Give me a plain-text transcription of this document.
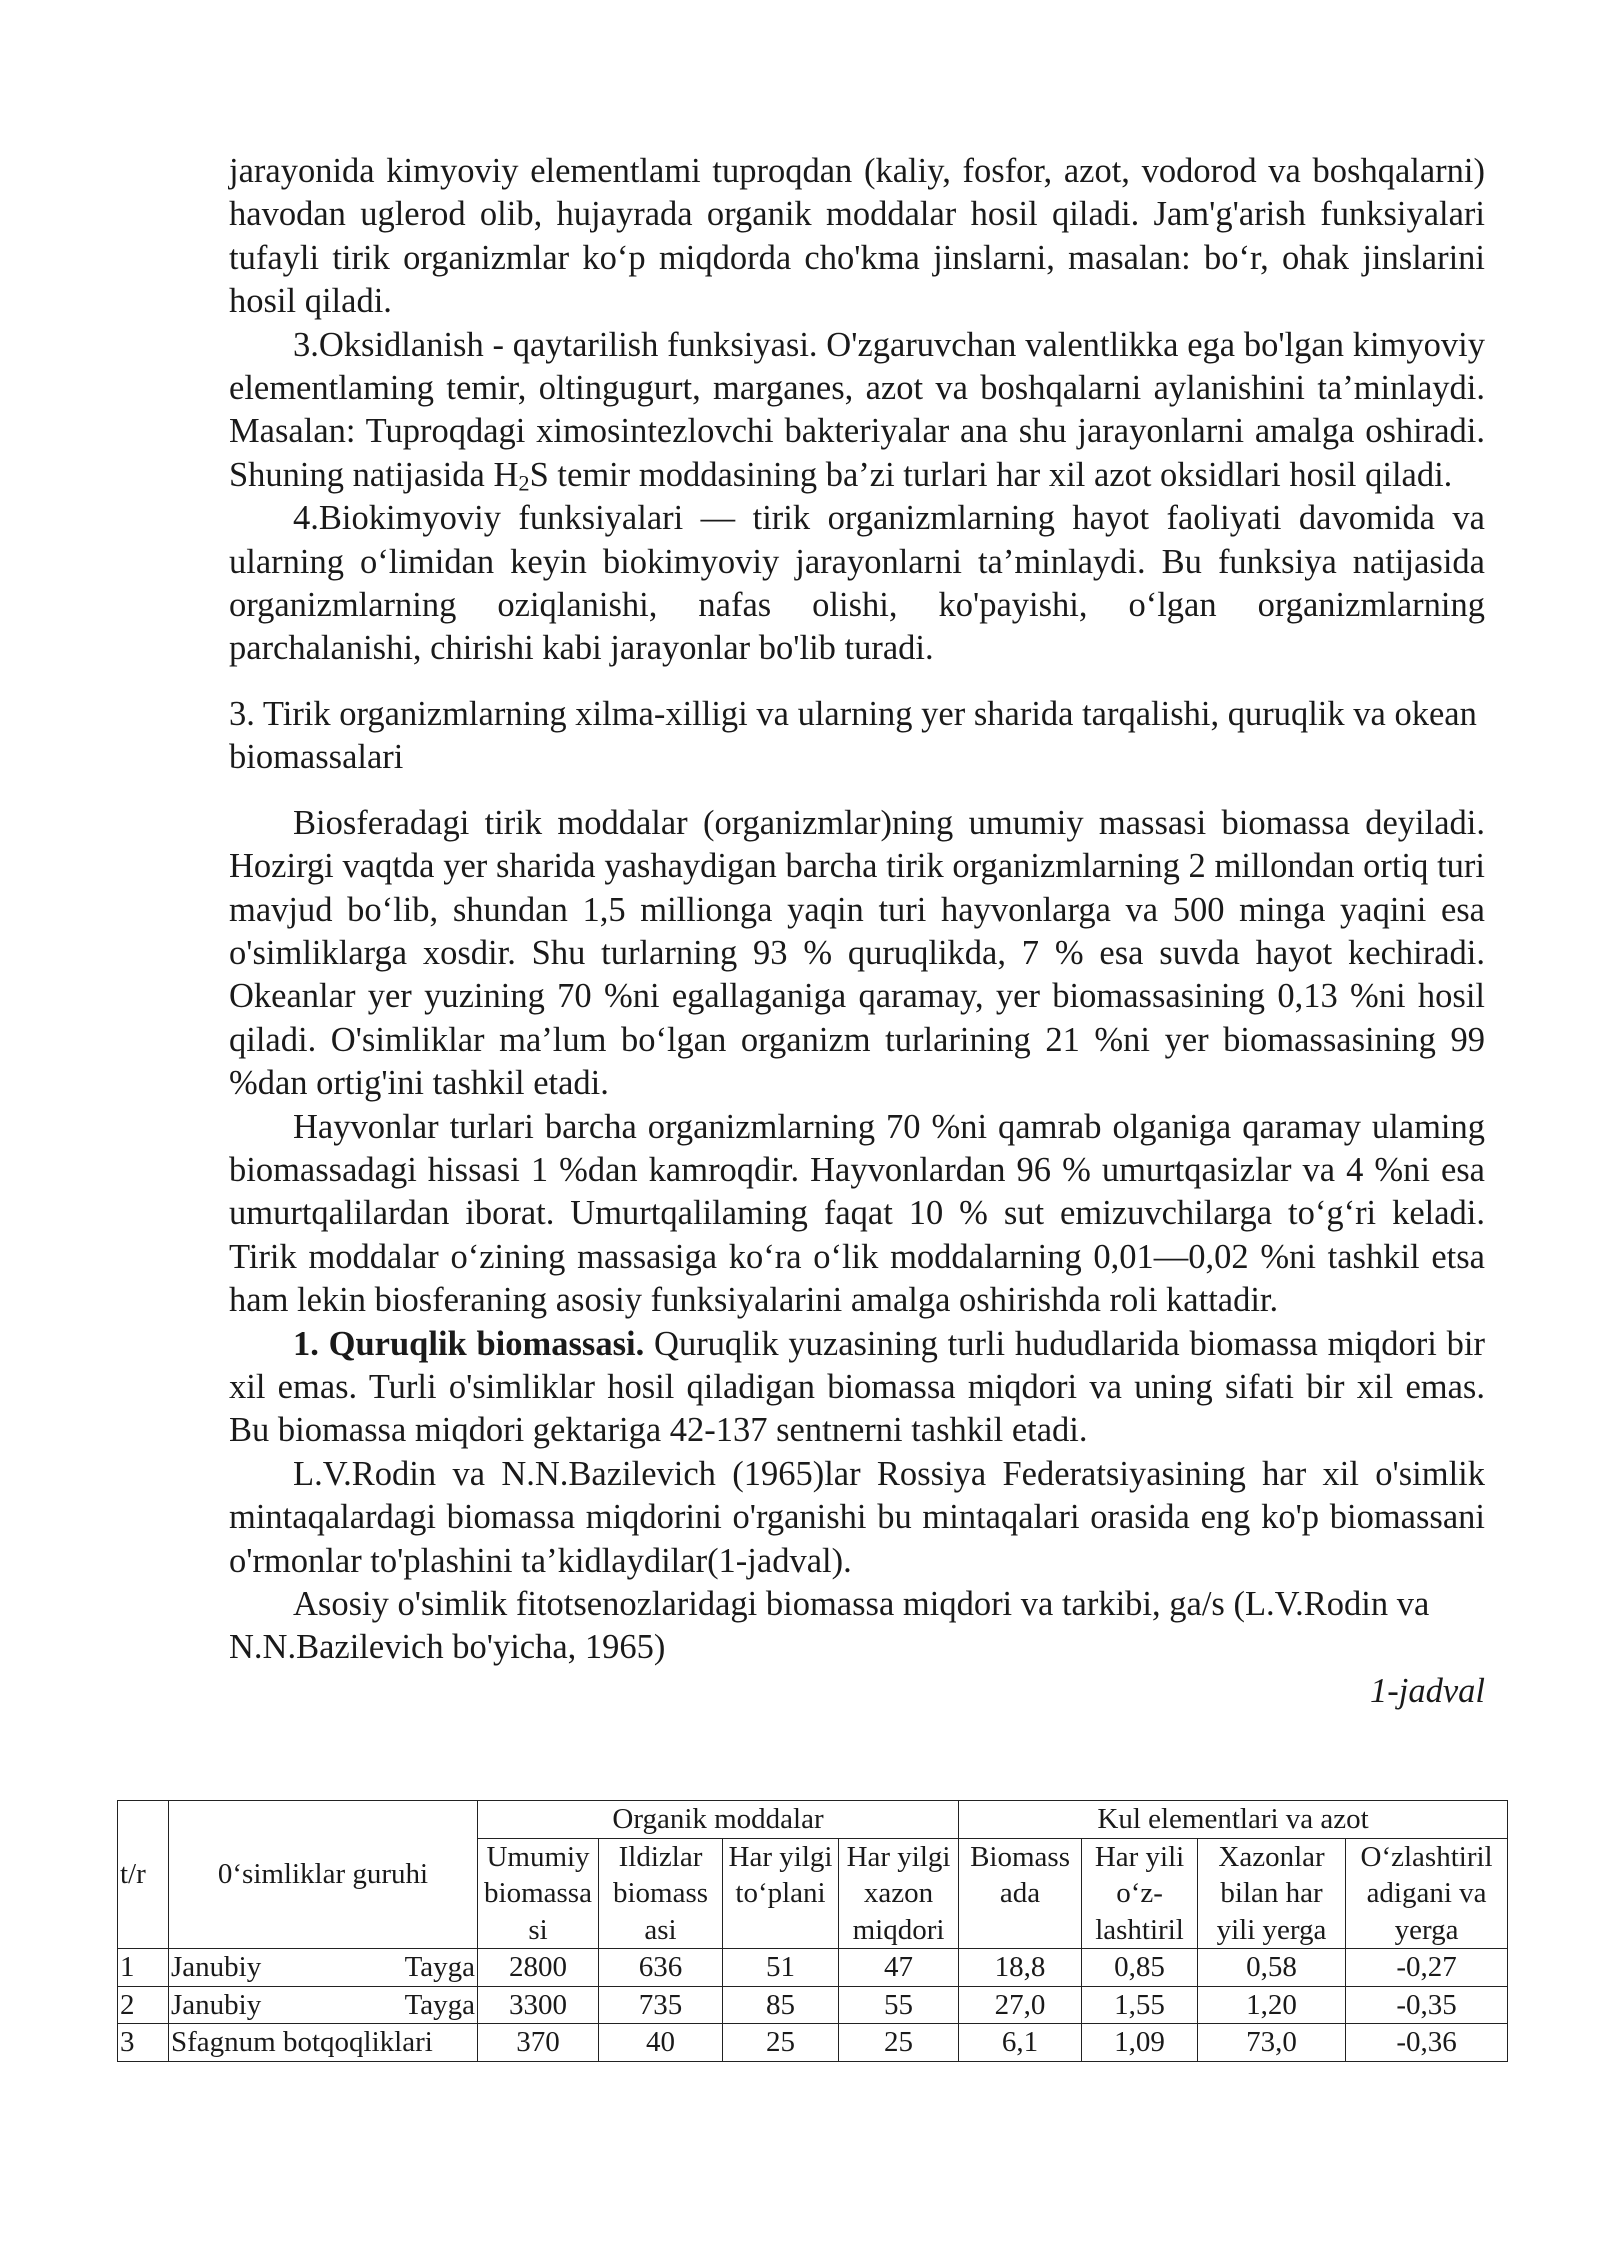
jarayonida kimyoviy elementlami tuproqdan (kaliy, fosfor, azot, vodorod va boshqalarni) havodan uglerod olib, hujayrada organik moddalar hosil qiladi. Jam'g'arish funksiyalari tufayli tirik organizmlar ko‘p miqdorda cho'kma jinslarni, masalan: bo‘r, ohak jinslarini hosil qiladi.

3.Oksidlanish - qaytarilish funksiyasi. O'zgaruvchan valentlikka ega bo'lgan kimyoviy elementlaming temir, oltingugurt, marganes, azot va boshqalarni aylanishini ta’minlaydi. Masalan: Tuproqdagi ximosintezlovchi bakteriyalar ana shu jarayonlarni amalga oshiradi. Shuning natijasida $H_2S$ temir moddasining ba’zi turlari har xil azot oksidlari hosil qiladi.

4.Biokimyoviy funksiyalari — tirik organizmlarning hayot faoliyati davomida va ularning o‘limidan keyin biokimyoviy jarayonlarni ta’minlaydi. Bu funksiya natijasida organizmlarning oziqlanishi, nafas olishi, ko'payishi, o‘lgan organizmlarning parchalanishi, chirishi kabi jarayonlar bo'lib turadi.

3. Tirik organizmlarning xilma-xilligi va ularning yer sharida tarqalishi, quruqlik va okean biomassalari

Biosferadagi tirik moddalar (organizmlar)ning umumiy massasi biomassa deyiladi. Hozirgi vaqtda yer sharida yashaydigan barcha tirik organizmlarning 2 millondan ortiq turi mavjud bo‘lib, shundan 1,5 millionga yaqin turi hayvonlarga va 500 minga yaqini esa o'simliklarga xosdir. Shu turlarning 93 % quruqlikda, 7 % esa suvda hayot kechiradi. Okeanlar yer yuzining 70 %ni egallaganiga qaramay, yer biomassasining 0,13 %ni hosil qiladi. O'simliklar ma’lum bo‘lgan organizm turlarining 21 %ni yer biomassasining 99 %dan ortig'ini tashkil etadi.

Hayvonlar turlari barcha organizmlarning 70 %ni qamrab olganiga qaramay ulaming biomassadagi hissasi 1 %dan kamroqdir. Hayvonlardan 96 % umurtqasizlar va 4 %ni esa umurtqalilardan iborat. Umurtqalilaming faqat 10 % sut emizuvchilarga to‘g‘ri keladi. Tirik moddalar o‘zining massasiga ko‘ra o‘lik moddalarning 0,01—0,02 %ni tashkil etsa ham lekin biosferaning asosiy funksiyalarini amalga oshirishda roli kattadir.

1. Quruqlik biomassasi. Quruqlik yuzasining turli hududlarida biomassa miqdori bir xil emas. Turli o'simliklar hosil qiladigan biomassa miqdori va uning sifati bir xil emas. Bu biomassa miqdori gektariga 42-137 sentnerni tashkil etadi.

L.V.Rodin va N.N.Bazilevich (1965)lar Rossiya Federatsiyasining har xil o'simlik mintaqalardagi biomassa miqdorini o'rganishi bu mintaqalari orasida eng ko'p biomassani o'rmonlar to'plashini ta’kidlaydilar(1-jadval).

Asosiy o'simlik fitotsenozlaridagi biomassa miqdori va tarkibi, ga/s (L.V.Rodin va N.N.Bazilevich bo'yicha, 1965)

1-jadval

t/r	0‘simliklar guruhi	Organik moddalar				Kul elementlari va azot			
		Umumiy biomassa si	Ildizlar biomass asi	Har yilgi to‘plani	Har yilgi xazon miqdori	Biomass ada	Har yili o‘z-lashtiril	Xazonlar bilan har yili yerga	O‘zlashtiril adigani va yerga
1	Janubiy Tayga	2800	636	51	47	18,8	0,85	0,58	-0,27
2	Janubiy Tayga	3300	735	85	55	27,0	1,55	1,20	-0,35
3	Sfagnum botqoqliklari	370	40	25	25	6,1	1,09	73,0	-0,36
